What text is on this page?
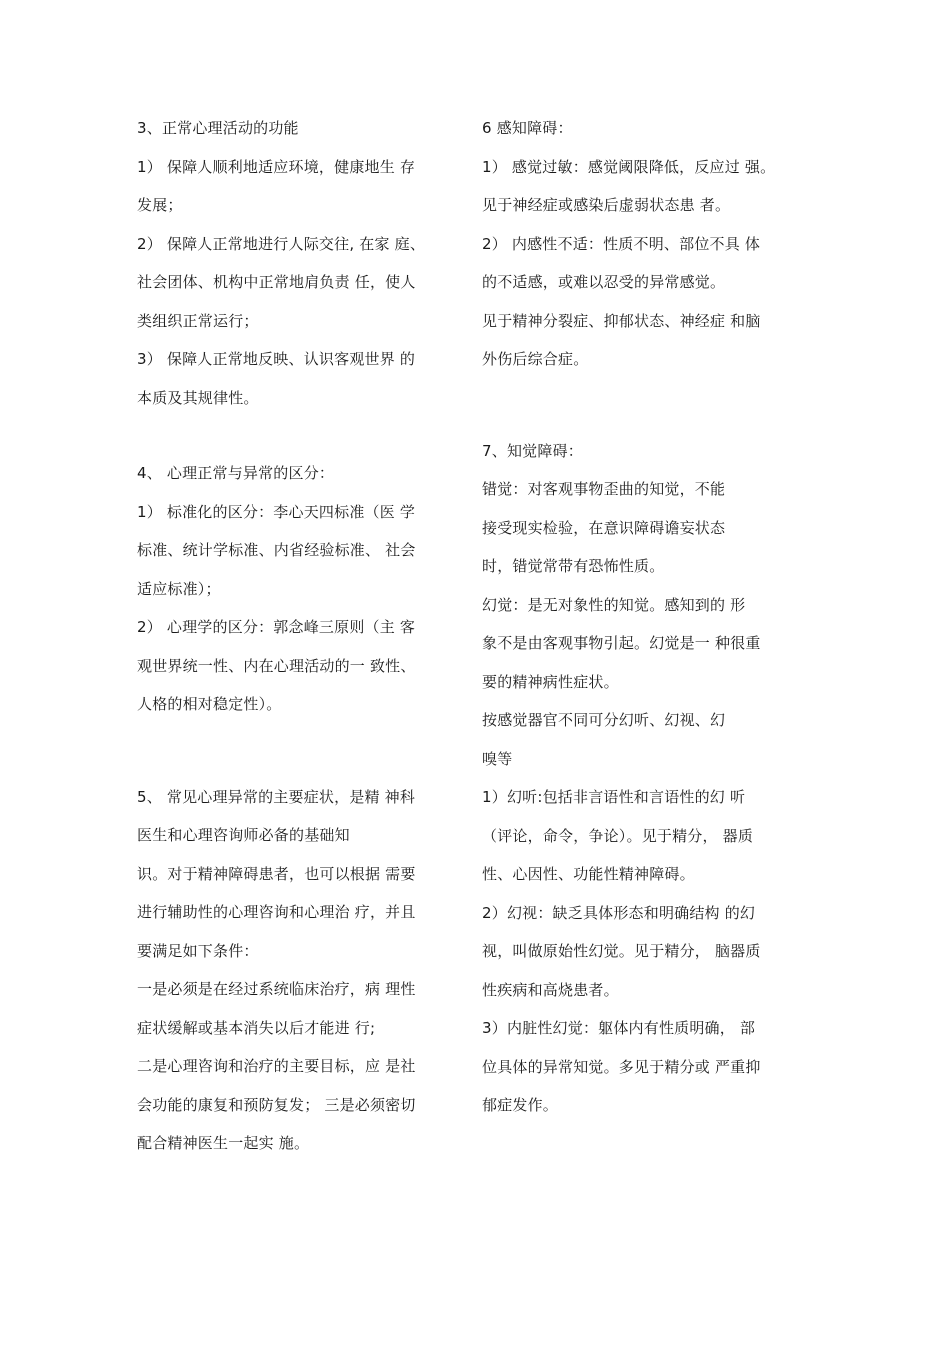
3、正常心理活动的功能
1） 保障人顺利地适应环境，健康地生 存
发展；
2） 保障人正常地进行人际交往, 在家 庭、
社会团体、机构中正常地肩负责 任，使人
类组织正常运行；
3） 保障人正常地反映、认识客观世界 的
本质及其规律性。
4、 心理正常与异常的区分：
1） 标准化的区分：李心天四标准（医 学
标准、统计学标准、内省经验标准、 社会
适应标准）；
2） 心理学的区分：郭念峰三原则（主 客
观世界统一性、内在心理活动的一 致性、
人格的相对稳定性）。
5、 常见心理异常的主要症状，是精 神科
医生和心理咨询师必备的基础知
识。对于精神障碍患者，也可以根据 需要
进行辅助性的心理咨询和心理治 疗，并且
要满足如下条件：
一是必须是在经过系统临床治疗，病 理性
症状缓解或基本消失以后才能进 行;
二是心理咨询和治疗的主要目标，应 是社
会功能的康复和预防复发； 三是必须密切
配合精神医生一起实 施。
6 感知障碍：
1） 感觉过敏：感觉阈限降低，反应过 强。
见于神经症或感染后虚弱状态患 者。
2） 内感性不适：性质不明、部位不具 体
的不适感，或难以忍受的异常感觉。
见于精神分裂症、抑郁状态、神经症 和脑
外伤后综合症。
7、知觉障碍：
错觉：对客观事物歪曲的知觉，不能
接受现实检验，在意识障碍谵妄状态
时，错觉常带有恐怖性质。
幻觉：是无对象性的知觉。感知到的 形
象不是由客观事物引起。幻觉是一 种很重
要的精神病性症状。
按感觉器官不同可分幻听、幻视、幻
嗅等
1）幻听:包括非言语性和言语性的幻 听
（评论，命令，争论）。见于精分， 器质
性、心因性、功能性精神障碍。
2）幻视：缺乏具体形态和明确结构 的幻
视，叫做原始性幻觉。见于精分， 脑器质
性疾病和高烧患者。
3）内脏性幻觉：躯体内有性质明确， 部
位具体的异常知觉。多见于精分或 严重抑
郁症发作。
